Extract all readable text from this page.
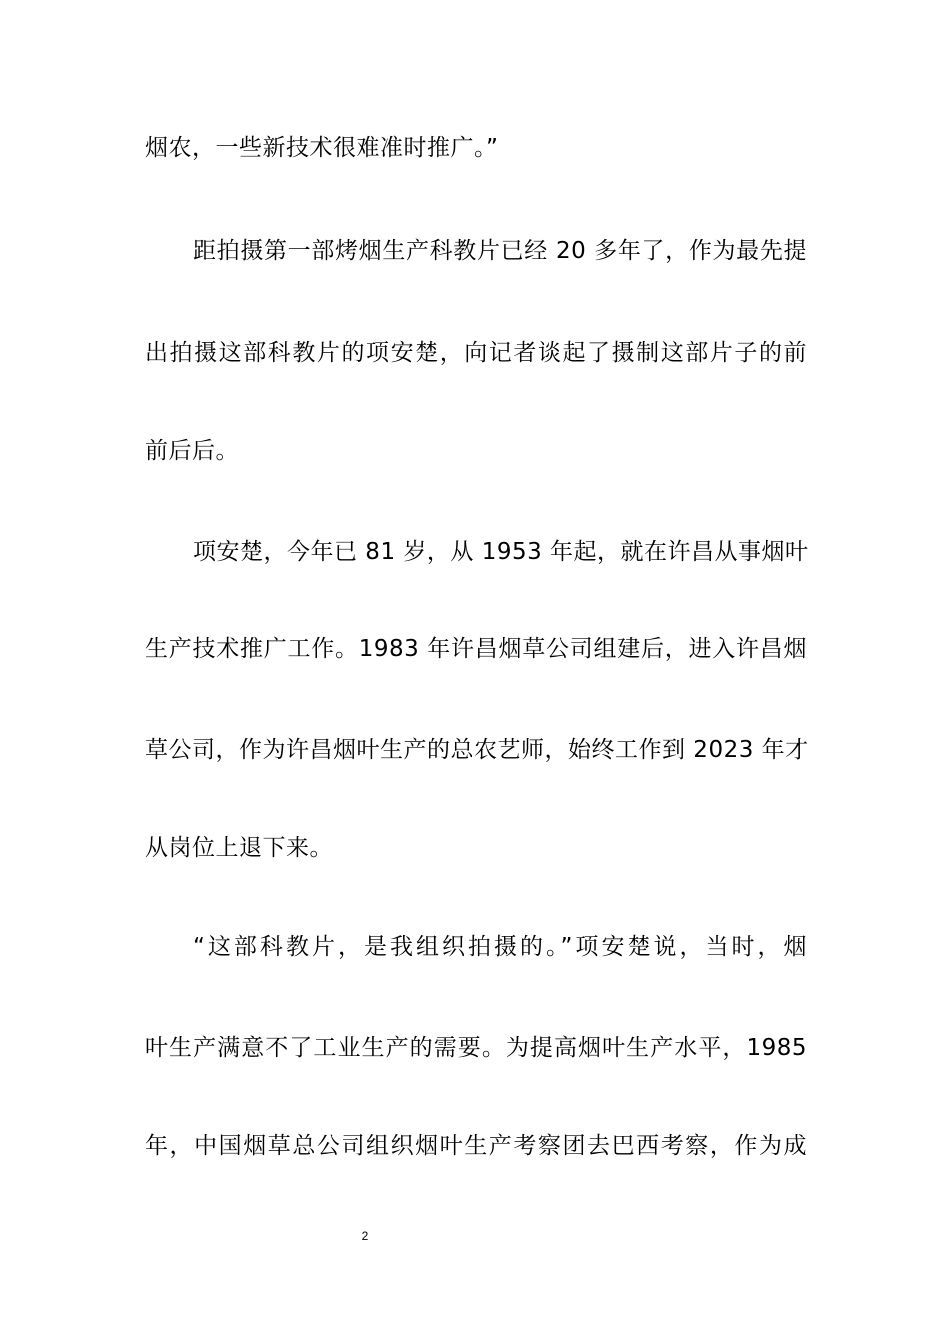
烟农，一些新技术很难准时推广。”
距拍摄第一部烤烟生产科教片已经 20 多年了，作为最先提
出拍摄这部科教片的项安楚，向记者谈起了摄制这部片子的前
前后后。
项安楚，今年已 81 岁，从 1953 年起，就在许昌从事烟叶
生产技术推广工作。1983 年许昌烟草公司组建后，进入许昌烟
草公司，作为许昌烟叶生产的总农艺师，始终工作到 2023 年才
从岗位上退下来。
“这部科教片，是我组织拍摄的。”项安楚说，当时，烟
叶生产满意不了工业生产的需要。为提高烟叶生产水平，1985
年，中国烟草总公司组织烟叶生产考察团去巴西考察，作为成
2
